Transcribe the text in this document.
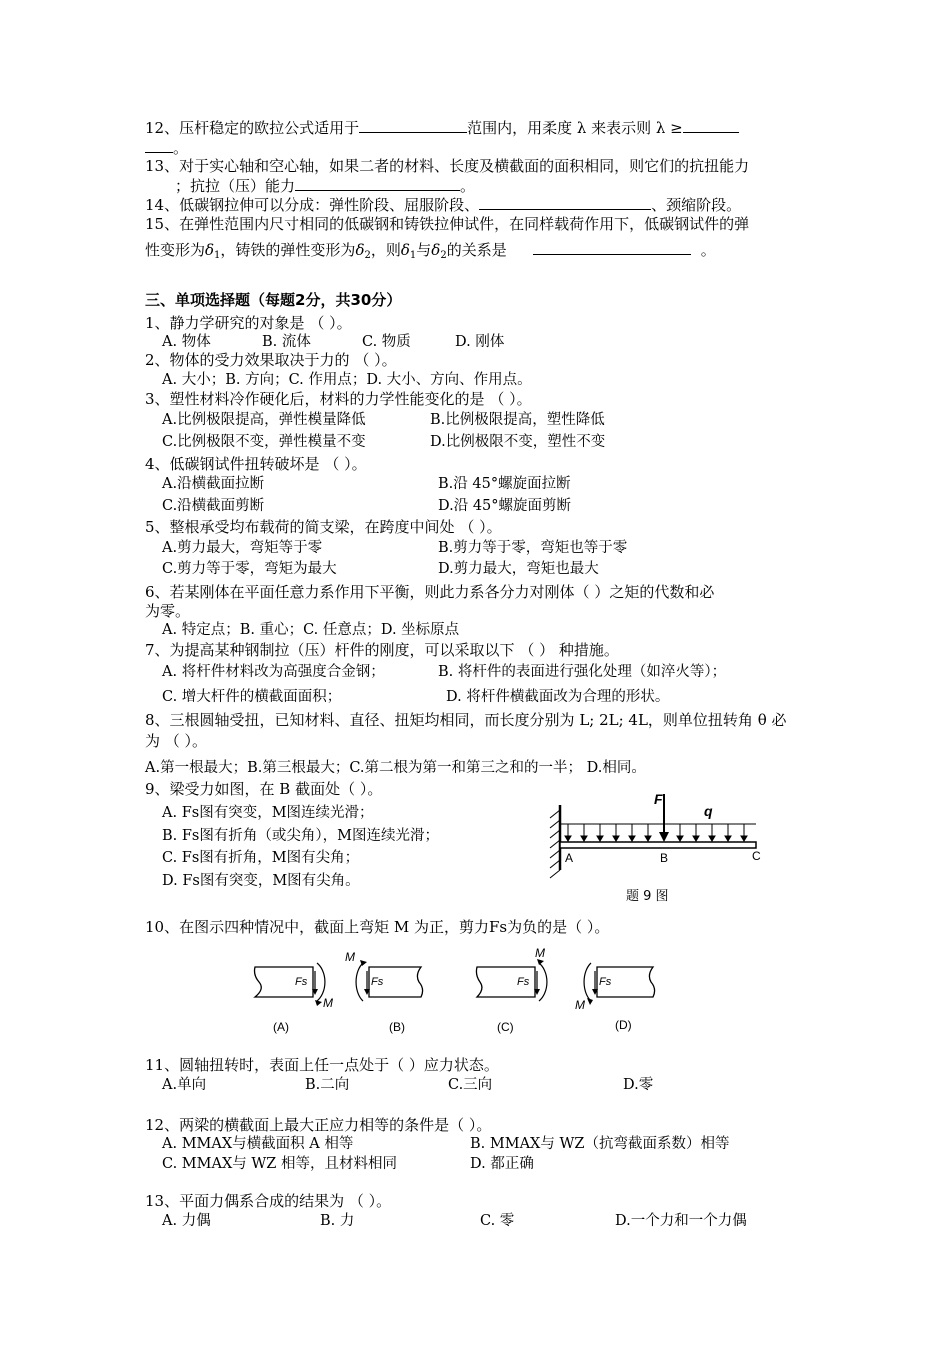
12、压杆稳定的欧拉公式适用于	范围内，用柔度 λ 来表示则 λ ≥
。
13、对于实心轴和空心轴，如果二者的材料、长度及横截面的面积相同，则它们的抗扭能力
；抗拉（压）能力	。
14、低碳钢拉伸可以分成：弹性阶段、屈服阶段、	、颈缩阶段。
15、在弹性范围内尺寸相同的低碳钢和铸铁拉伸试件，在同样载荷作用下，低碳钢试件的弹
性变形为$\delta_1$，铸铁的弹性变形为$\delta_2$，则$\delta_1$与$\delta_2$的关系是	。
三、单项选择题（每题2分，共30分）
1、静力学研究的对象是 （ ）。
A. 物体	B. 流体	C. 物质	D. 刚体
2、物体的受力效果取决于力的 （ ）。
A. 大小；B. 方向；C. 作用点；D. 大小、方向、作用点。
3、塑性材料冷作硬化后，材料的力学性能变化的是 （ ）。
A.比例极限提高，弹性模量降低	B.比例极限提高，塑性降低
C.比例极限不变，弹性模量不变	D.比例极限不变，塑性不变
4、低碳钢试件扭转破坏是 （ ）。
A.沿横截面拉断	B.沿 45°螺旋面拉断
C.沿横截面剪断	D.沿 45°螺旋面剪断
5、整根承受均布载荷的简支梁，在跨度中间处 （ ）。
A.剪力最大，弯矩等于零	B.剪力等于零，弯矩也等于零
C.剪力等于零，弯矩为最大	D.剪力最大，弯矩也最大
6、若某刚体在平面任意力系作用下平衡，则此力系各分力对刚体（ ）之矩的代数和必
为零。
A. 特定点；B. 重心；C. 任意点；D. 坐标原点
7、为提高某种钢制拉（压）杆件的刚度，可以采取以下 （ ） 种措施。
A. 将杆件材料改为高强度合金钢；	B. 将杆件的表面进行强化处理（如淬火等）；
C. 增大杆件的横截面面积；	D. 将杆件横截面改为合理的形状。
8、三根圆轴受扭，已知材料、直径、扭矩均相同，而长度分别为 L; 2L; 4L，则单位扭转角 θ 必
为 （ ）。
A.第一根最大；B.第三根最大；C.第二根为第一和第三之和的一半； D.相同。
9、梁受力如图，在 B 截面处（ ）。
A. Fs图有突变，M图连续光滑；
B. Fs图有折角（或尖角），M图连续光滑；
C. Fs图有折角，M图有尖角；
D. Fs图有突变，M图有尖角。
F
q
A	B	C
题 9 图
10、在图示四种情况中，截面上弯矩 M 为正，剪力Fs为负的是（ ）。
Fs
M
(A)
Fs
M
(B)
Fs
M
(C)
Fs
M
(D)
11、圆轴扭转时，表面上任一点处于（ ）应力状态。
A.单向	B.二向	C.三向	D.零
12、两梁的横截面上最大正应力相等的条件是（ ）。
A. MMAX与横截面积 A 相等	B. MMAX与 WZ（抗弯截面系数）相等
C. MMAX与 WZ 相等，且材料相同	D. 都正确
13、平面力偶系合成的结果为 （ ）。
A. 力偶	B. 力	C. 零	D.一个力和一个力偶
